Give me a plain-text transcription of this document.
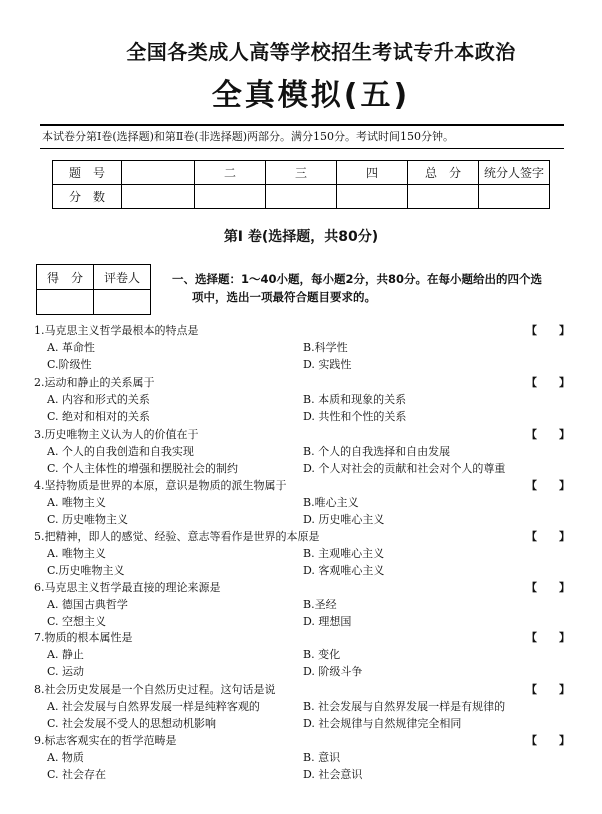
全国各类成人高等学校招生考试专升本政治
全真模拟(五)
本试卷分第Ⅰ卷(选择题)和第Ⅱ卷(非选择题)两部分。满分150分。考试时间150分钟。
题　号		二	三	四	总　分	统分人签字
分　数						
第Ⅰ 卷(选择题，共80分)
得　分	评卷人
		一、选择题：1～40小题，每小题2分，共80分。在每小题给出的四个选
项中，选出一项最符合题目要求的。
1.马克思主义哲学最根本的特点是	【　　】
A. 革命性	B.科学性
C.阶级性	D. 实践性
2.运动和静止的关系属于	【　　】
A. 内容和形式的关系	B. 本质和现象的关系
C. 绝对和相对的关系	D. 共性和个性的关系
3.历史唯物主义认为人的价值在于	【　　】
A. 个人的自我创造和自我实现	B. 个人的自我选择和自由发展
C. 个人主体性的增强和摆脱社会的制约	D. 个人对社会的贡献和社会对个人的尊重
4.坚持物质是世界的本原，意识是物质的派生物属于	【　　】
A. 唯物主义	B.唯心主义
C. 历史唯物主义	D. 历史唯心主义
5.把精神，即人的感觉、经验、意志等看作是世界的本原是	【　　】
A. 唯物主义	B. 主观唯心主义
C.历史唯物主义	D. 客观唯心主义
6.马克思主义哲学最直接的理论来源是	【　　】
A. 德国古典哲学	B.圣经
C. 空想主义	D. 理想国
7.物质的根本属性是	【　　】
A. 静止	B. 变化
C. 运动	D. 阶级斗争
8.社会历史发展是一个自然历史过程。这句话是说	【　　】
A. 社会发展与自然界发展一样是纯粹客观的	B. 社会发展与自然界发展一样是有规律的
C. 社会发展不受人的思想动机影响	D. 社会规律与自然规律完全相同
9.标志客观实在的哲学范畴是	【　　】
A. 物质	B. 意识
C. 社会存在	D. 社会意识
